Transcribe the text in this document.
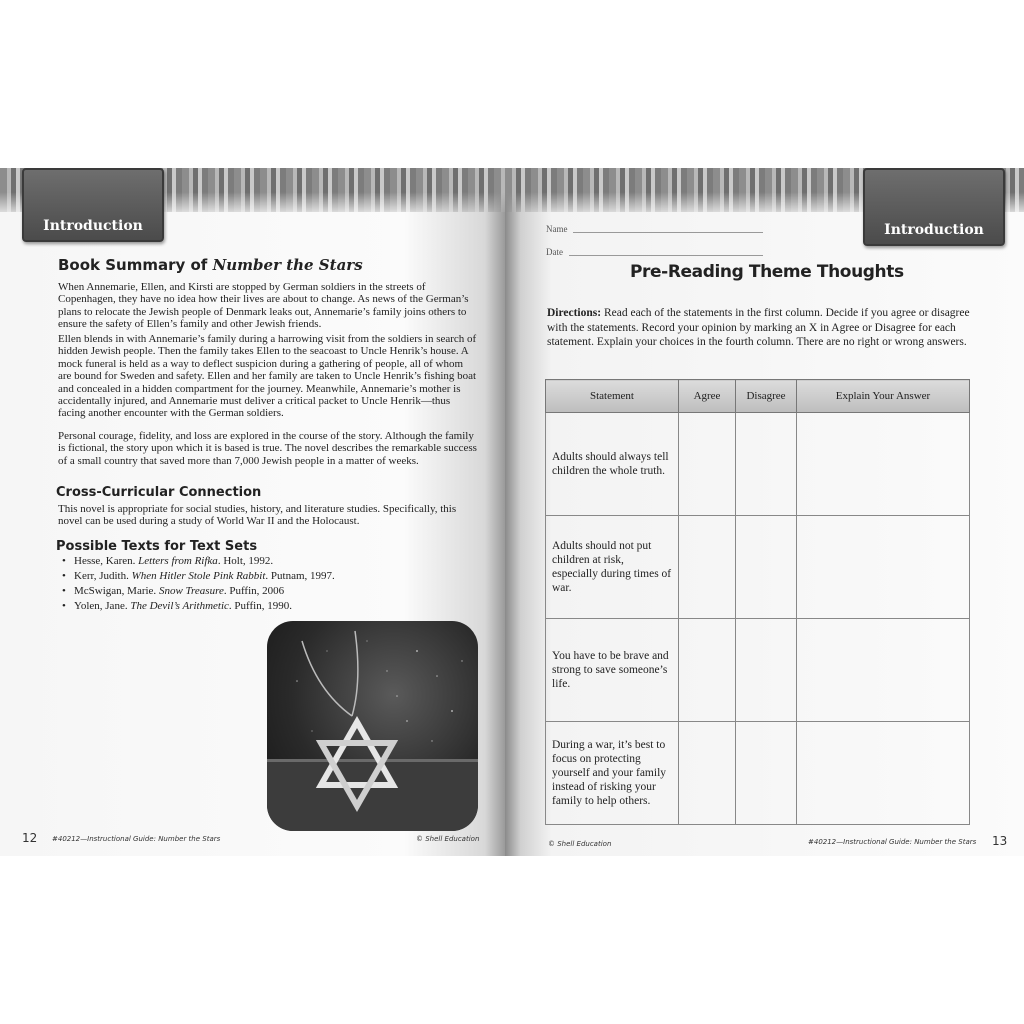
Introduction
Book Summary of Number the Stars

When Annemarie, Ellen, and Kirsti are stopped by German soldiers in the streets of Copenhagen, they have no idea how their lives are about to change. As news of the German’s plans to relocate the Jewish people of Denmark leaks out, Annemarie’s family joins others to ensure the safety of Ellen’s family and other Jewish friends.

Ellen blends in with Annemarie’s family during a harrowing visit from the soldiers in search of hidden Jewish people. Then the family takes Ellen to the seacoast to Uncle Henrik’s house. A mock funeral is held as a way to deflect suspicion during a gathering of people, all of whom are bound for Sweden and safety. Ellen and her family are taken to Uncle Henrik’s fishing boat and concealed in a hidden compartment for the journey. Meanwhile, Annemarie’s mother is accidentally injured, and Annemarie must deliver a critical packet to Uncle Henrik—thus facing another encounter with the German soldiers.

Personal courage, fidelity, and loss are explored in the course of the story. Although the family is fictional, the story upon which it is based is true. The novel describes the remarkable success of a small country that saved more than 7,000 Jewish people in a matter of weeks.

Cross-Curricular Connection

This novel is appropriate for social studies, history, and literature studies. Specifically, this novel can be used during a study of World War II and the Holocaust.

Possible Texts for Text Sets
• Hesse, Karen. Letters from Rifka. Holt, 1992.
• Kerr, Judith. When Hitler Stole Pink Rabbit. Putnam, 1997.
• McSwigan, Marie. Snow Treasure. Puffin, 2006
• Yolen, Jane. The Devil’s Arithmetic. Puffin, 1990.
12 #40212—Instructional Guide: Number the Stars	© Shell Education
Introduction
Name
Date
Pre-Reading Theme Thoughts

Directions: Read each of the statements in the first column. Decide if you agree or disagree with the statements. Record your opinion by marking an X in Agree or Disagree for each statement. Explain your choices in the fourth column. There are no right or wrong answers.

Statement	Agree	Disagree	Explain Your Answer
Adults should always tell children the whole truth.			
Adults should not put children at risk, especially during times of war.			
You have to be brave and strong to save someone’s life.			
During a war, it’s best to focus on protecting yourself and your family instead of risking your family to help others.			
© Shell Education	#40212—Instructional Guide: Number the Stars 13
